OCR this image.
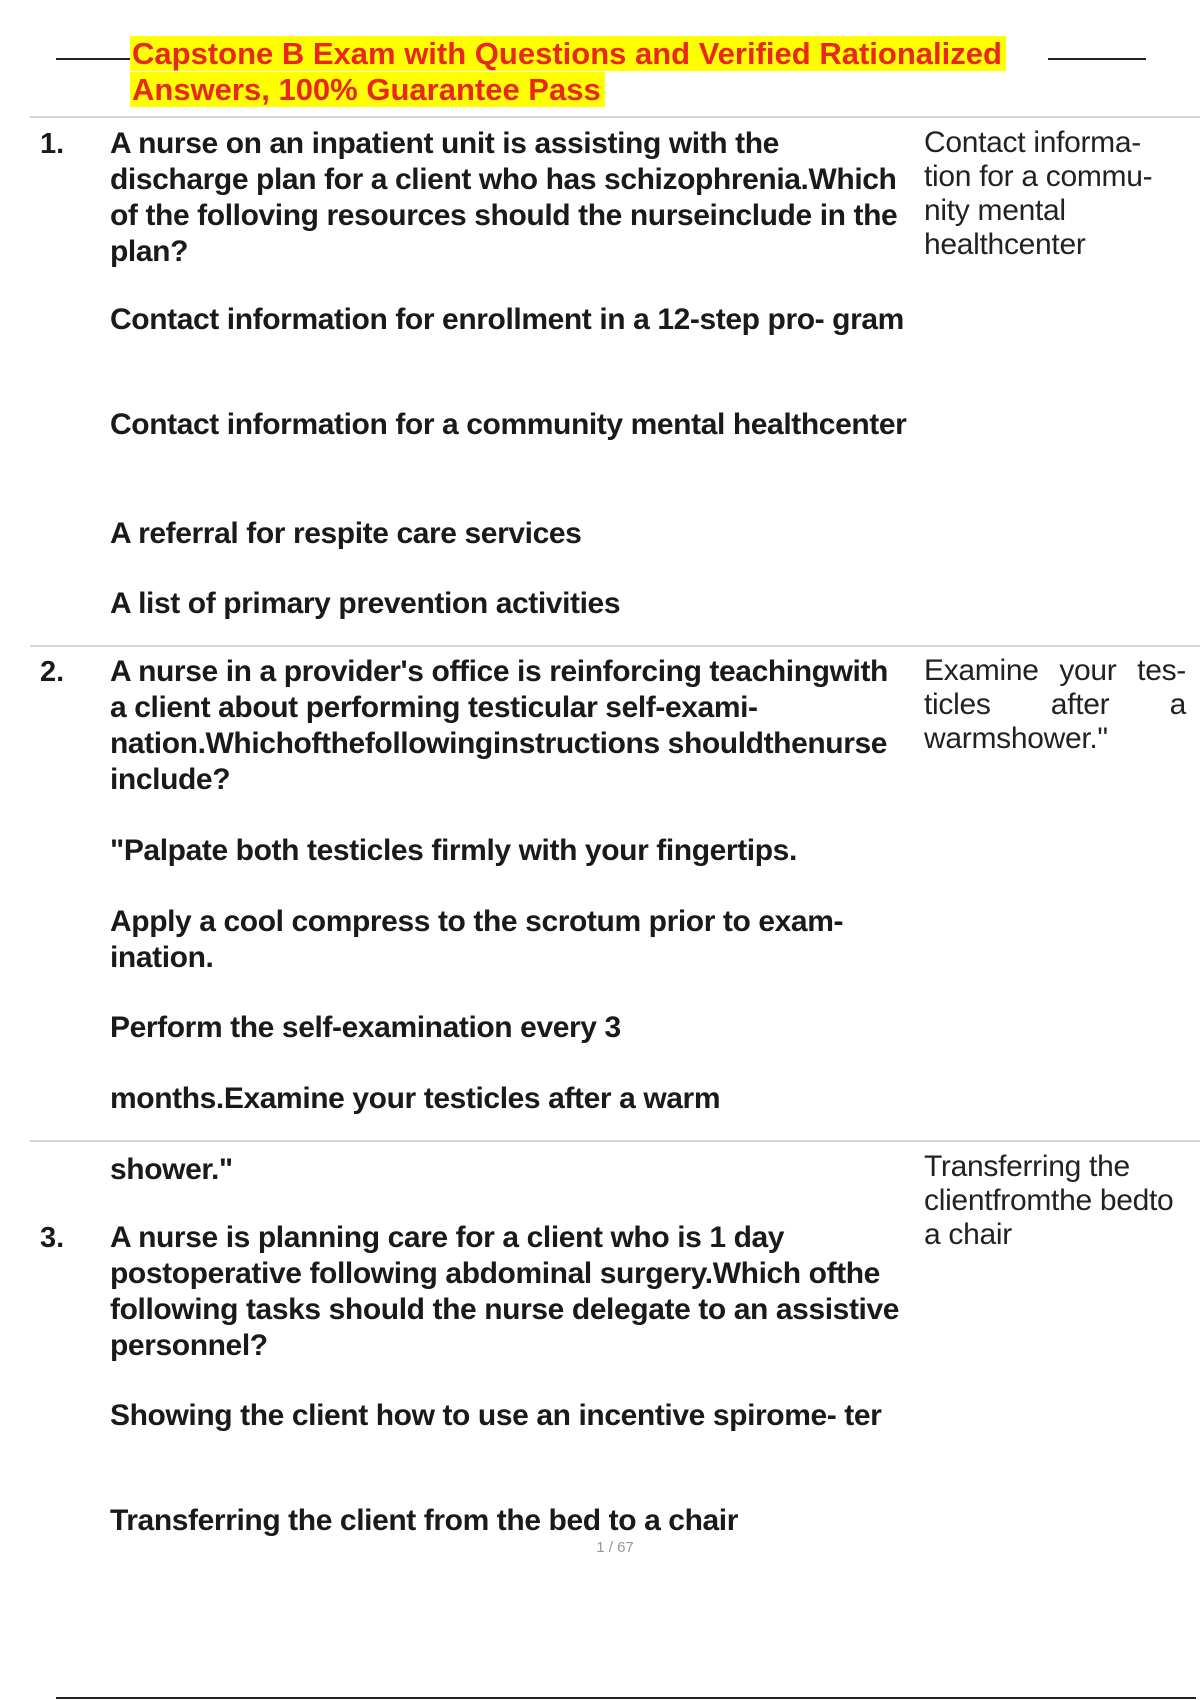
Capstone B Exam with Questions and Verified Rationalized Answers, 100% Guarantee Pass

1. A nurse on an inpatient unit is assisting with the discharge plan for a client who has schizophrenia.Which of the folloving resources should the nurseinclude in the plan?

Contact informa- tion for a commu- nity mental healthcenter

Contact information for enrollment in a 12-step pro- gram

Contact information for a community mental healthcenter

A referral for respite care services

A list of primary prevention activities

2. A nurse in a provider's office is reinforcing teachingwith a client about performing testicular self-exami- nation.Whichofthefollowinginstructions shouldthenurse include?

Examine your tes- ticles after a warmshower."

"Palpate both testicles firmly with your fingertips.

Apply a cool compress to the scrotum prior to exam- ination.

Perform the self-examination every 3

months.Examine your testicles after a warm

shower."

3.

Transferring the clientfromthe bedto a chair

A nurse is planning care for a client who is 1 day postoperative following abdominal surgery.Which ofthe following tasks should the nurse delegate to an assistive personnel?

Showing the client how to use an incentive spirome- ter

Transferring the client from the bed to a chair

1 / 67
